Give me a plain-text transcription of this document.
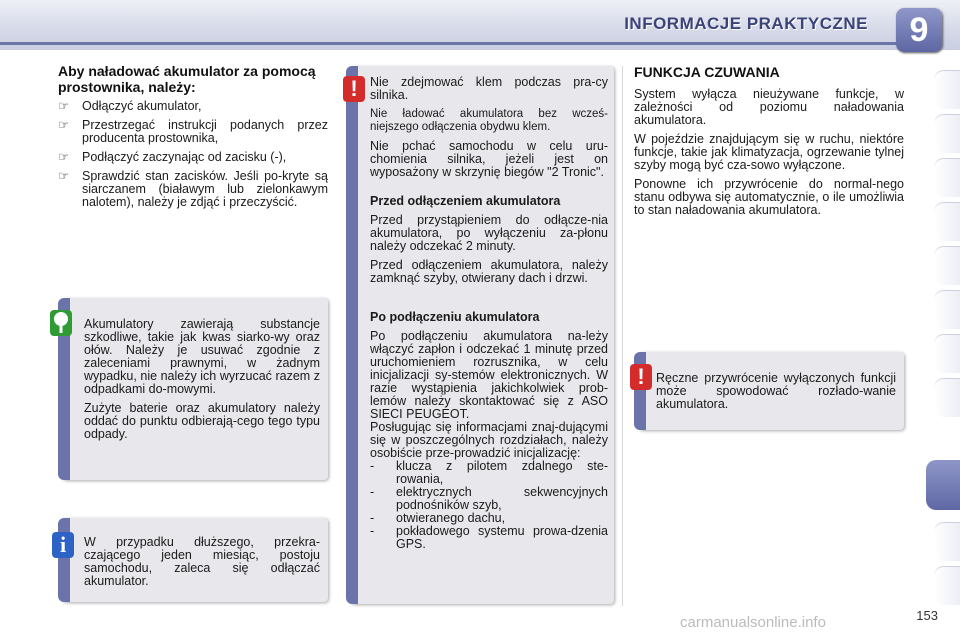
INFORMACJE PRAKTYCZNE	9
Aby naładować akumulator za pomocą prostownika, należy:
☞ Odłączyć akumulator,
☞ Przestrzegać instrukcji podanych przez producenta prostownika,
☞ Podłączyć zaczynając od zacisku (-),
☞ Sprawdzić stan zacisków. Jeśli po-kryte są siarczanem (białawym lub zielonkawym nalotem), należy je zdjąć i przeczyścić.

Akumulatory zawierają substancje szkodliwe, takie jak kwas siarko-wy oraz ołów. Należy je usuwać zgodnie z zaleceniami prawnymi, w żadnym wypadku, nie należy ich wyrzucać razem z odpadkami do-mowymi.

Zużyte baterie oraz akumulatory należy oddać do punktu odbierają-cego tego typu odpady.

W przypadku dłuższego, przekra-czającego jeden miesiąc, postoju samochodu, zaleca się odłączać akumulator.

i

Nie zdejmować klem podczas pra-cy silnika.

Nie ładować akumulatora bez wcześ-niejszego odłączenia obydwu klem.

Nie pchać samochodu w celu uru-chomienia silnika, jeżeli jest on wyposażony w skrzynię biegów "2 Tronic".

Przed odłączeniem akumulatora

Przed przystąpieniem do odłącze-nia akumulatora, po wyłączeniu za-płonu należy odczekać 2 minuty.

Przed odłączeniem akumulatora, należy zamknąć szyby, otwierany dach i drzwi.

Po podłączeniu akumulatora

Po podłączeniu akumulatora na-leży włączyć zapłon i odczekać 1 minutę przed uruchomieniem rozrusznika, w celu inicjalizacji sy-stemów elektronicznych. W razie wystąpienia jakichkolwiek prob-lemów należy skontaktować się z ASO SIECI PEUGEOT.

Posługując się informacjami znaj-dującymi się w poszczególnych rozdziałach, należy osobiście prze-prowadzić inicjalizację:

- klucza z pilotem zdalnego ste-rowania,
- elektrycznych sekwencyjnych podnośników szyb,
- otwieranego dachu,
- pokładowego systemu prowa-dzenia GPS.
!
FUNKCJA CZUWANIA

System wyłącza nieużywane funkcje, w zależności od poziomu naładowania akumulatora.

W pojeździe znajdującym się w ruchu, niektóre funkcje, takie jak klimatyzacja, ogrzewanie tylnej szyby mogą być cza-sowo wyłączone.

Ponowne ich przywrócenie do normal-nego stanu odbywa się automatycznie, o ile umożliwia to stan naładowania akumulatora.

Ręczne przywrócenie wyłączonych funkcji może spowodować rozłado-wanie akumulatora.
!
carmanualsonline.info	153
